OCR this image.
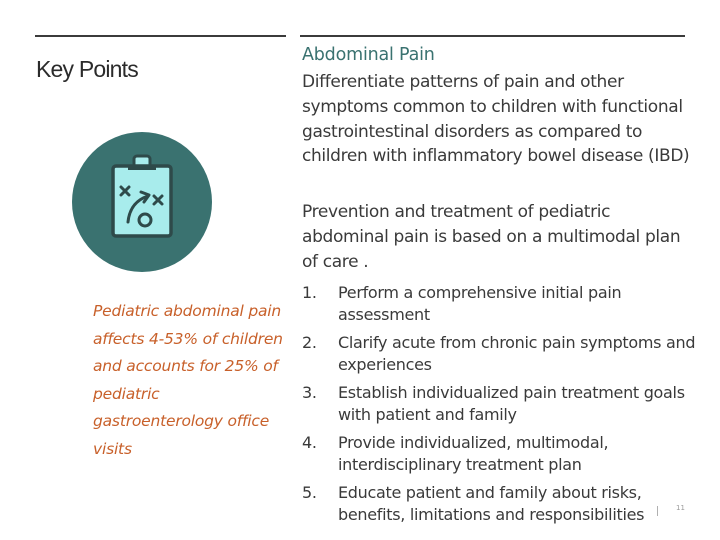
Key Points
Pediatric abdominal pain affects 4-53% of children and accounts for 25% of pediatric gastroenterology office visits
Abdominal Pain
Differentiate patterns of pain and other symptoms common to children with functional gastrointestinal disorders as compared to children with inflammatory bowel disease (IBD)
Prevention and treatment of pediatric abdominal pain is based on a multimodal plan of care .
1.	Perform a comprehensive initial pain assessment
2.	Clarify acute from chronic pain symptoms and experiences
3.	Establish individualized pain treatment goals with patient and family
4.	Provide individualized, multimodal, interdisciplinary treatment plan
5.	Educate patient and family about risks, benefits, limitations and responsibilities	11
